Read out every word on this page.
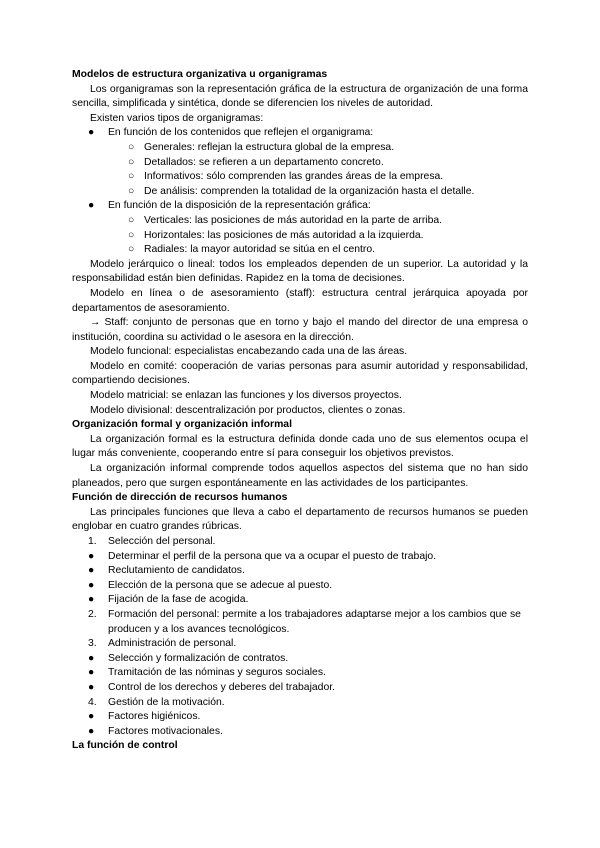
Modelos de estructura organizativa u organigramas

Los organigramas son la representación gráfica de la estructura de organización de una forma sencilla, simplificada y sintética, donde se diferencien los niveles de autoridad.

Existen varios tipos de organigramas:

● En función de los contenidos que reflejen el organigrama:
○ Generales: reflejan la estructura global de la empresa.
○ Detallados: se refieren a un departamento concreto.
○ Informativos: sólo comprenden las grandes áreas de la empresa.
○ De análisis: comprenden la totalidad de la organización hasta el detalle.
● En función de la disposición de la representación gráfica:
○ Verticales: las posiciones de más autoridad en la parte de arriba.
○ Horizontales: las posiciones de más autoridad a la izquierda.
○ Radiales: la mayor autoridad se sitúa en el centro.

Modelo jerárquico o lineal: todos los empleados dependen de un superior. La autoridad y la responsabilidad están bien definidas. Rapidez en la toma de decisiones.

Modelo en línea o de asesoramiento (staff): estructura central jerárquica apoyada por departamentos de asesoramiento.

→ Staff: conjunto de personas que en torno y bajo el mando del director de una empresa o institución, coordina su actividad o le asesora en la dirección.

Modelo funcional: especialistas encabezando cada una de las áreas.

Modelo en comité: cooperación de varias personas para asumir autoridad y responsabilidad, compartiendo decisiones.

Modelo matricial: se enlazan las funciones y los diversos proyectos.

Modelo divisional: descentralización por productos, clientes o zonas.

Organización formal y organización informal

La organización formal es la estructura definida donde cada uno de sus elementos ocupa el lugar más conveniente, cooperando entre sí para conseguir los objetivos previstos.

La organización informal comprende todos aquellos aspectos del sistema que no han sido planeados, pero que surgen espontáneamente en las actividades de los participantes.

Función de dirección de recursos humanos

Las principales funciones que lleva a cabo el departamento de recursos humanos se pueden englobar en cuatro grandes rúbricas.

1. Selección del personal.
● Determinar el perfil de la persona que va a ocupar el puesto de trabajo.
● Reclutamiento de candidatos.
● Elección de la persona que se adecue al puesto.
● Fijación de la fase de acogida.
2. Formación del personal: permite a los trabajadores adaptarse mejor a los cambios que se producen y a los avances tecnológicos.
3. Administración de personal.
● Selección y formalización de contratos.
● Tramitación de las nóminas y seguros sociales.
● Control de los derechos y deberes del trabajador.
4. Gestión de la motivación.
● Factores higiénicos.
● Factores motivacionales.
La función de control
